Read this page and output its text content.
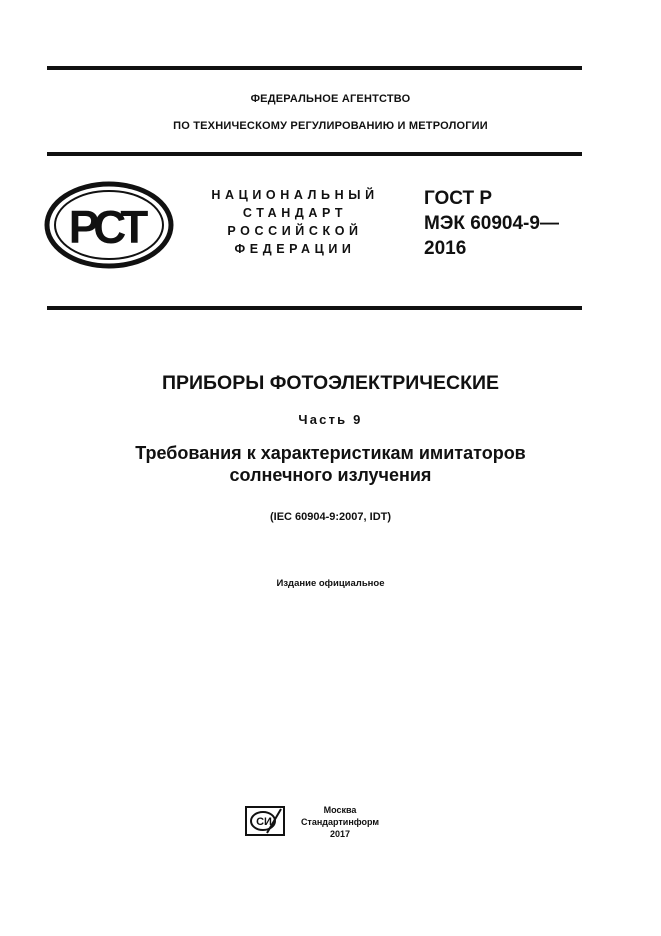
ФЕДЕРАЛЬНОЕ АГЕНТСТВО
ПО ТЕХНИЧЕСКОМУ РЕГУЛИРОВАНИЮ И МЕТРОЛОГИИ
РСТ
НАЦИОНАЛЬНЫЙ
СТАНДАРТ
РОССИЙСКОЙ
ФЕДЕРАЦИИ
ГОСТ Р
МЭК 60904-9—
2016
ПРИБОРЫ ФОТОЭЛЕКТРИЧЕСКИЕ
Часть 9
Требования к характеристикам имитаторов
солнечного излучения
(IEC 60904-9:2007, IDT)
Издание официальное
СИ
Москва
Стандартинформ
2017
